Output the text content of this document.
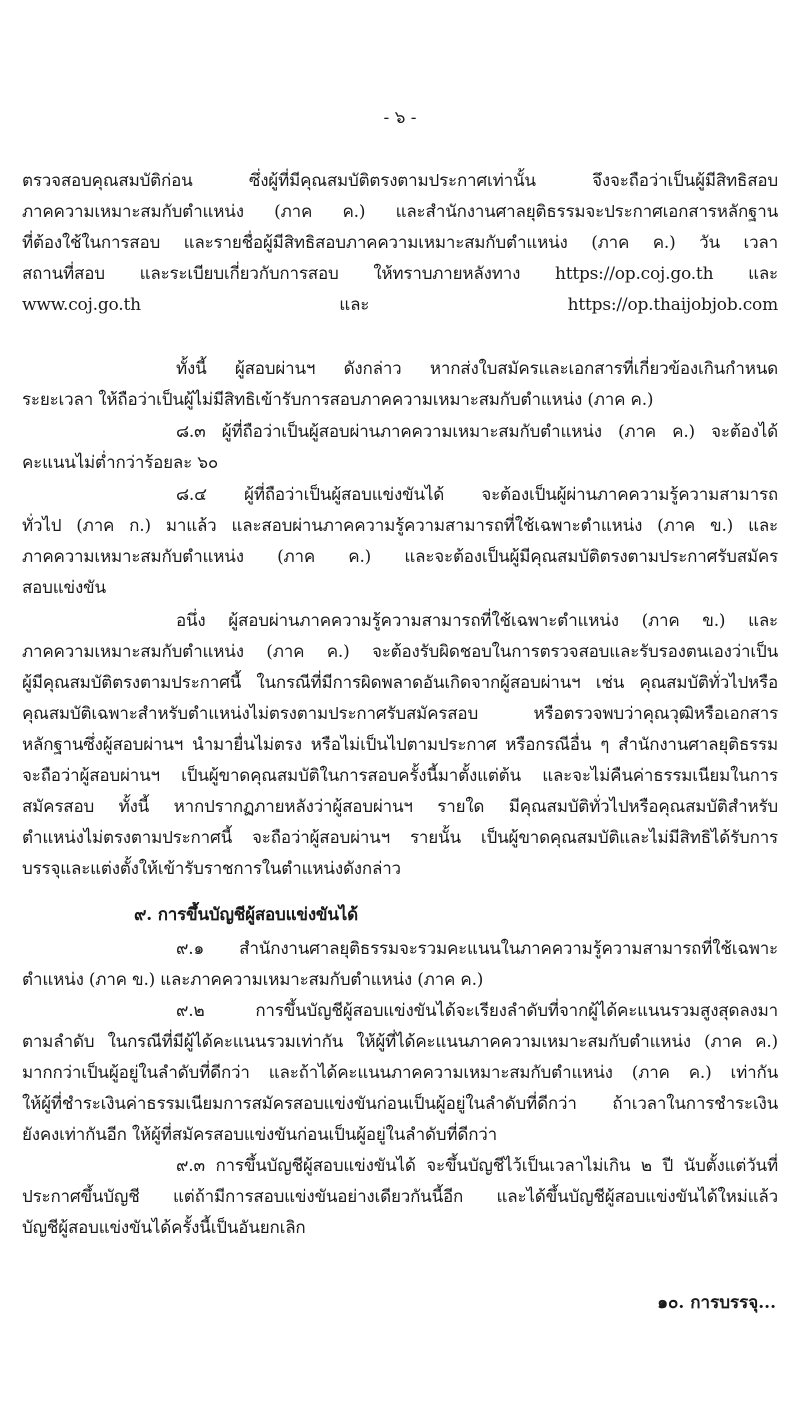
- ๖ -
ตรวจสอบคุณสมบัติก่อน ซึ่งผู้ที่มีคุณสมบัติตรงตามประกาศเท่านั้น จึงจะถือว่าเป็นผู้มีสิทธิสอบ
ภาคความเหมาะสมกับตำแหน่ง (ภาค ค.) และสำนักงานศาลยุติธรรมจะประกาศเอกสารหลักฐาน
ที่ต้องใช้ในการสอบ และรายชื่อผู้มีสิทธิสอบภาคความเหมาะสมกับตำแหน่ง (ภาค ค.) วัน เวลา
สถานที่สอบ และระเบียบเกี่ยวกับการสอบ ให้ทราบภายหลังทาง https://op.coj.go.th และ
www.coj.go.th และ https://op.thaijobjob.com
ทั้งนี้ ผู้สอบผ่านฯ ดังกล่าว หากส่งใบสมัครและเอกสารที่เกี่ยวข้องเกินกำหนด
ระยะเวลา ให้ถือว่าเป็นผู้ไม่มีสิทธิเข้ารับการสอบภาคความเหมาะสมกับตำแหน่ง (ภาค ค.)
๘.๓ ผู้ที่ถือว่าเป็นผู้สอบผ่านภาคความเหมาะสมกับตำแหน่ง (ภาค ค.) จะต้องได้
คะแนนไม่ต่ำกว่าร้อยละ ๖๐
๘.๔ ผู้ที่ถือว่าเป็นผู้สอบแข่งขันได้ จะต้องเป็นผู้ผ่านภาคความรู้ความสามารถ
ทั่วไป (ภาค ก.) มาแล้ว และสอบผ่านภาคความรู้ความสามารถที่ใช้เฉพาะตำแหน่ง (ภาค ข.) และ
ภาคความเหมาะสมกับตำแหน่ง (ภาค ค.) และจะต้องเป็นผู้มีคุณสมบัติตรงตามประกาศรับสมัคร
สอบแข่งขัน
อนึ่ง ผู้สอบผ่านภาคความรู้ความสามารถที่ใช้เฉพาะตำแหน่ง (ภาค ข.) และ
ภาคความเหมาะสมกับตำแหน่ง (ภาค ค.) จะต้องรับผิดชอบในการตรวจสอบและรับรองตนเองว่าเป็น
ผู้มีคุณสมบัติตรงตามประกาศนี้ ในกรณีที่มีการผิดพลาดอันเกิดจากผู้สอบผ่านฯ เช่น คุณสมบัติทั่วไปหรือ
คุณสมบัติเฉพาะสำหรับตำแหน่งไม่ตรงตามประกาศรับสมัครสอบ หรือตรวจพบว่าคุณวุฒิหรือเอกสาร
หลักฐานซึ่งผู้สอบผ่านฯ นำมายื่นไม่ตรง หรือไม่เป็นไปตามประกาศ หรือกรณีอื่น ๆ สำนักงานศาลยุติธรรม
จะถือว่าผู้สอบผ่านฯ เป็นผู้ขาดคุณสมบัติในการสอบครั้งนี้มาตั้งแต่ต้น และจะไม่คืนค่าธรรมเนียมในการ
สมัครสอบ ทั้งนี้ หากปรากฏภายหลังว่าผู้สอบผ่านฯ รายใด มีคุณสมบัติทั่วไปหรือคุณสมบัติสำหรับ
ตำแหน่งไม่ตรงตามประกาศนี้ จะถือว่าผู้สอบผ่านฯ รายนั้น เป็นผู้ขาดคุณสมบัติและไม่มีสิทธิได้รับการ
บรรจุและแต่งตั้งให้เข้ารับราชการในตำแหน่งดังกล่าว
๙. การขึ้นบัญชีผู้สอบแข่งขันได้
๙.๑ สำนักงานศาลยุติธรรมจะรวมคะแนนในภาคความรู้ความสามารถที่ใช้เฉพาะ
ตำแหน่ง (ภาค ข.) และภาคความเหมาะสมกับตำแหน่ง (ภาค ค.)
๙.๒ การขึ้นบัญชีผู้สอบแข่งขันได้จะเรียงลำดับที่จากผู้ได้คะแนนรวมสูงสุดลงมา
ตามลำดับ ในกรณีที่มีผู้ได้คะแนนรวมเท่ากัน ให้ผู้ที่ได้คะแนนภาคความเหมาะสมกับตำแหน่ง (ภาค ค.)
มากกว่าเป็นผู้อยู่ในลำดับที่ดีกว่า และถ้าได้คะแนนภาคความเหมาะสมกับตำแหน่ง (ภาค ค.) เท่ากัน
ให้ผู้ที่ชำระเงินค่าธรรมเนียมการสมัครสอบแข่งขันก่อนเป็นผู้อยู่ในลำดับที่ดีกว่า ถ้าเวลาในการชำระเงิน
ยังคงเท่ากันอีก ให้ผู้ที่สมัครสอบแข่งขันก่อนเป็นผู้อยู่ในลำดับที่ดีกว่า
๙.๓ การขึ้นบัญชีผู้สอบแข่งขันได้ จะขึ้นบัญชีไว้เป็นเวลาไม่เกิน ๒ ปี นับตั้งแต่วันที่
ประกาศขึ้นบัญชี แต่ถ้ามีการสอบแข่งขันอย่างเดียวกันนี้อีก และได้ขึ้นบัญชีผู้สอบแข่งขันได้ใหม่แล้ว
บัญชีผู้สอบแข่งขันได้ครั้งนี้เป็นอันยกเลิก
๑๐. การบรรจุ...
